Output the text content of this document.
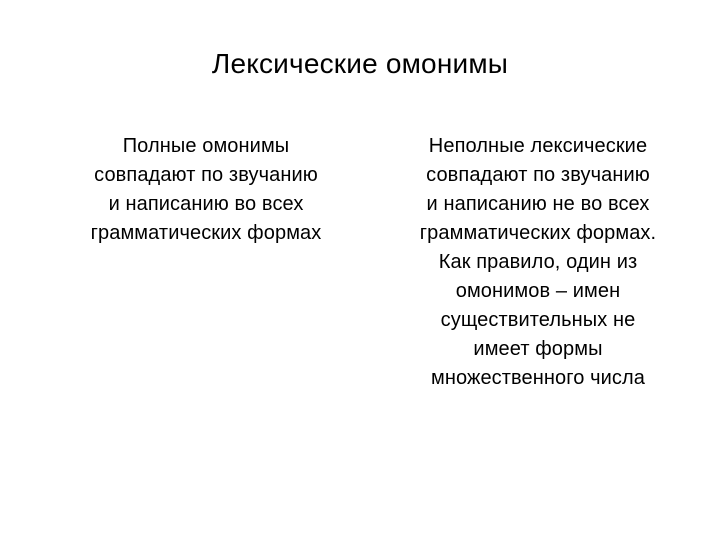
Лексические омонимы
Полные омонимы
совпадают по звучанию
и написанию во всех
грамматических формах
Неполные лексические
совпадают по звучанию
и написанию не во всех
грамматических формах.
Как правило, один из
омонимов – имен
существительных не
имеет формы
множественного числа
